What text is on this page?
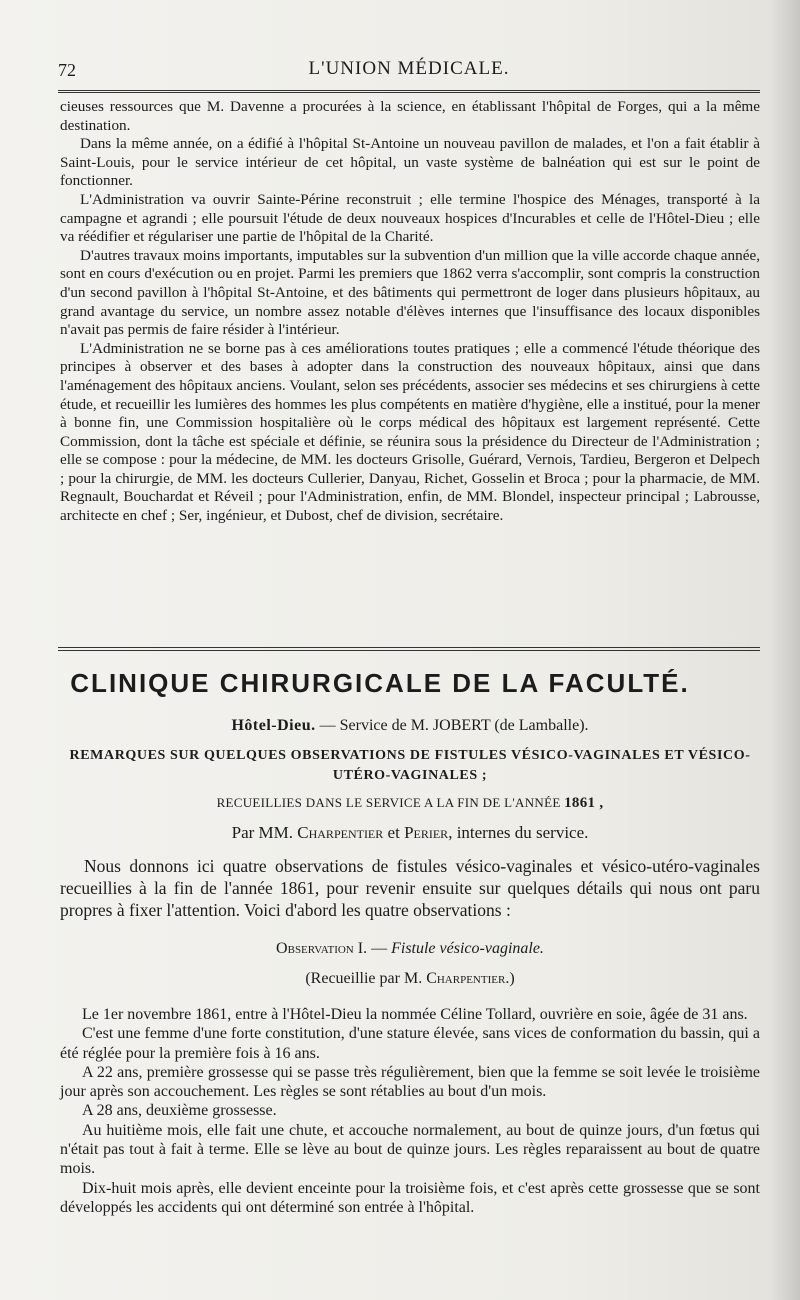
72	L'UNION MÉDICALE.

cieuses ressources que M. Davenne a procurées à la science, en établissant l'hôpital de Forges, qui a la même destination.

Dans la même année, on a édifié à l'hôpital St-Antoine un nouveau pavillon de malades, et l'on a fait établir à Saint-Louis, pour le service intérieur de cet hôpital, un vaste système de balnéation qui est sur le point de fonctionner.

L'Administration va ouvrir Sainte-Périne reconstruit ; elle termine l'hospice des Ménages, transporté à la campagne et agrandi ; elle poursuit l'étude de deux nouveaux hospices d'Incurables et celle de l'Hôtel-Dieu ; elle va réédifier et régulariser une partie de l'hôpital de la Charité.

D'autres travaux moins importants, imputables sur la subvention d'un million que la ville accorde chaque année, sont en cours d'exécution ou en projet. Parmi les premiers que 1862 verra s'accomplir, sont compris la construction d'un second pavillon à l'hôpital St-Antoine, et des bâtiments qui permettront de loger dans plusieurs hôpitaux, au grand avantage du service, un nombre assez notable d'élèves internes que l'insuffisance des locaux disponibles n'avait pas permis de faire résider à l'intérieur.

L'Administration ne se borne pas à ces améliorations toutes pratiques ; elle a commencé l'étude théorique des principes à observer et des bases à adopter dans la construction des nouveaux hôpitaux, ainsi que dans l'aménagement des hôpitaux anciens. Voulant, selon ses précédents, associer ses médecins et ses chirurgiens à cette étude, et recueillir les lumières des hommes les plus compétents en matière d'hygiène, elle a institué, pour la mener à bonne fin, une Commission hospitalière où le corps médical des hôpitaux est largement représenté. Cette Commission, dont la tâche est spéciale et définie, se réunira sous la présidence du Directeur de l'Administration ; elle se compose : pour la médecine, de MM. les docteurs Grisolle, Guérard, Vernois, Tardieu, Bergeron et Delpech ; pour la chirurgie, de MM. les docteurs Cullerier, Danyau, Richet, Gosselin et Broca ; pour la pharmacie, de MM. Regnault, Bouchardat et Réveil ; pour l'Administration, enfin, de MM. Blondel, inspecteur principal ; Labrousse, architecte en chef ; Ser, ingénieur, et Dubost, chef de division, secrétaire.

CLINIQUE CHIRURGICALE DE LA FACULTÉ.
Hôtel-Dieu. — Service de M. JOBERT (de Lamballe).
REMARQUES SUR QUELQUES OBSERVATIONS DE FISTULES VÉSICO-VAGINALES ET VÉSICO-UTÉRO-VAGINALES ;
RECUEILLIES DANS LE SERVICE A LA FIN DE L'ANNÉE 1861 ,
Par MM. Charpentier et Perier, internes du service.
Nous donnons ici quatre observations de fistules vésico-vaginales et vésico-utéro-vaginales recueillies à la fin de l'année 1861, pour revenir ensuite sur quelques détails qui nous ont paru propres à fixer l'attention. Voici d'abord les quatre observations :
Observation I. — Fistule vésico-vaginale.
(Recueillie par M. Charpentier.)

Le 1er novembre 1861, entre à l'Hôtel-Dieu la nommée Céline Tollard, ouvrière en soie, âgée de 31 ans.

C'est une femme d'une forte constitution, d'une stature élevée, sans vices de conformation du bassin, qui a été réglée pour la première fois à 16 ans.

A 22 ans, première grossesse qui se passe très régulièrement, bien que la femme se soit levée le troisième jour après son accouchement. Les règles se sont rétablies au bout d'un mois.

A 28 ans, deuxième grossesse.

Au huitième mois, elle fait une chute, et accouche normalement, au bout de quinze jours, d'un fœtus qui n'était pas tout à fait à terme. Elle se lève au bout de quinze jours. Les règles reparaissent au bout de quatre mois.

Dix-huit mois après, elle devient enceinte pour la troisième fois, et c'est après cette grossesse que se sont développés les accidents qui ont déterminé son entrée à l'hôpital.
